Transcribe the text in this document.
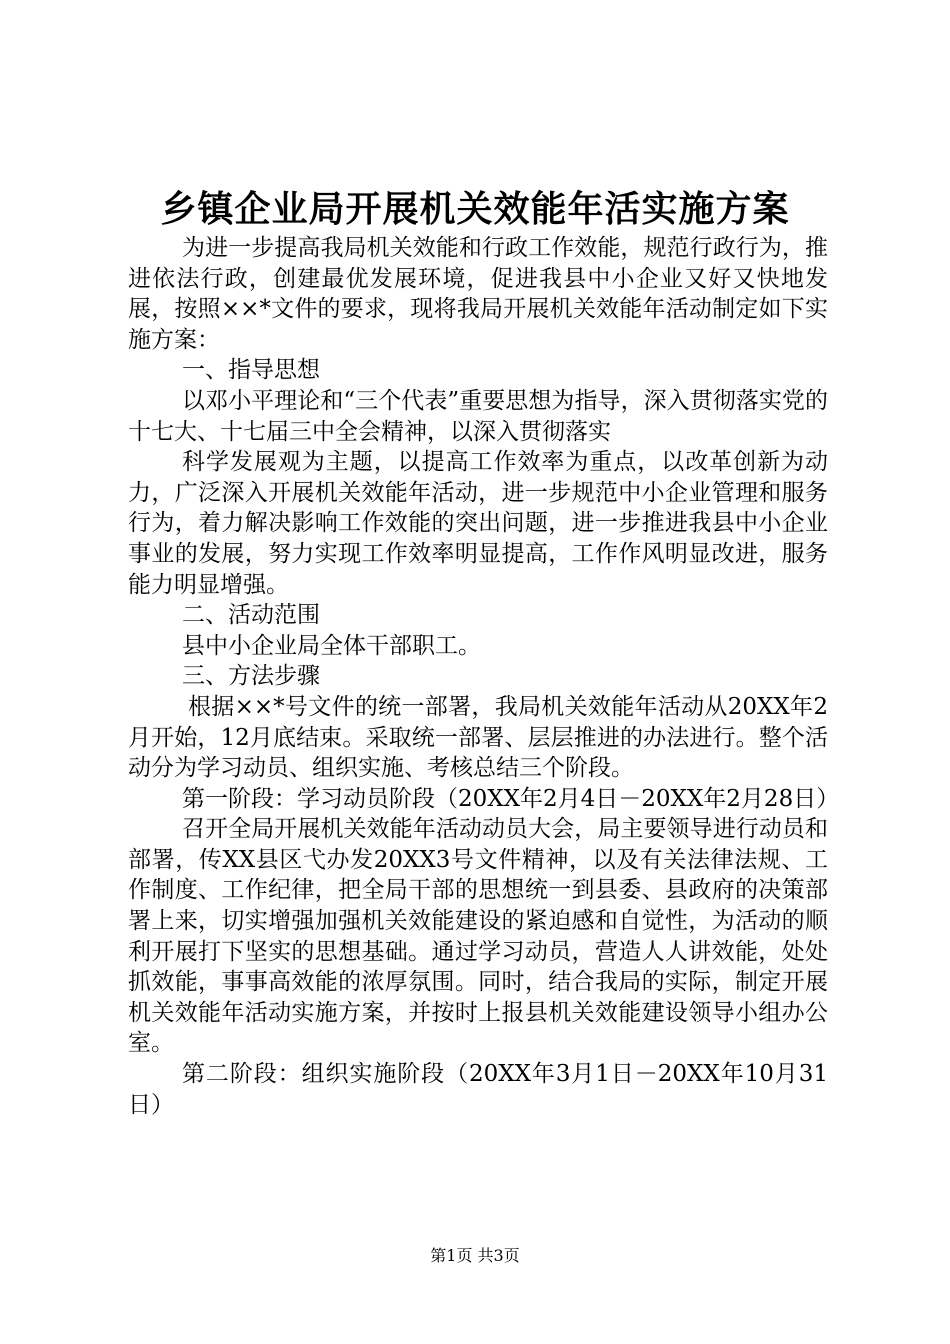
乡镇企业局开展机关效能年活实施方案

为进一步提高我局机关效能和行政工作效能，规范行政行为，推进依法行政，创建最优发展环境，促进我县中小企业又好又快地发展，按照××*文件的要求，现将我局开展机关效能年活动制定如下实施方案：

一、指导思想

以邓小平理论和“三个代表”重要思想为指导，深入贯彻落实党的十七大、十七届三中全会精神，以深入贯彻落实

科学发展观为主题，以提高工作效率为重点，以改革创新为动力，广泛深入开展机关效能年活动，进一步规范中小企业管理和服务行为，着力解决影响工作效能的突出问题，进一步推进我县中小企业事业的发展，努力实现工作效率明显提高，工作作风明显改进，服务能力明显增强。

二、活动范围

县中小企业局全体干部职工。

三、方法步骤

根据××*号文件的统一部署，我局机关效能年活动从20XX年2月开始，12月底结束。采取统一部署、层层推进的办法进行。整个活动分为学习动员、组织实施、考核总结三个阶段。

第一阶段：学习动员阶段（20XX年2月4日－20XX年2月28日）

召开全局开展机关效能年活动动员大会，局主要领导进行动员和部署，传XX县区弋办发20XX3号文件精神，以及有关法律法规、工作制度、工作纪律，把全局干部的思想统一到县委、县政府的决策部署上来，切实增强加强机关效能建设的紧迫感和自觉性，为活动的顺利开展打下坚实的思想基础。通过学习动员，营造人人讲效能，处处抓效能，事事高效能的浓厚氛围。同时，结合我局的实际，制定开展机关效能年活动实施方案，并按时上报县机关效能建设领导小组办公室。

第二阶段：组织实施阶段（20XX年3月1日－20XX年10月31日）

第1页 共3页
